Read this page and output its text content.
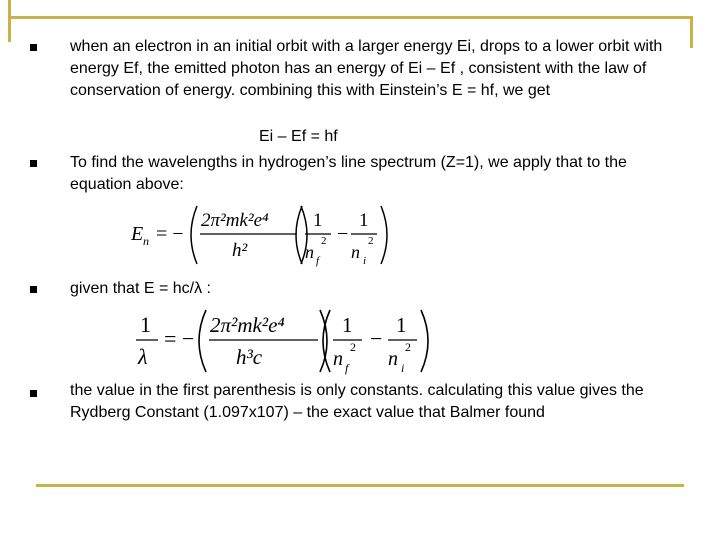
when an electron in an initial orbit with a larger energy Ei, drops to a lower orbit with energy Ef, the emitted photon has an energy of Ei – Ef , consistent with the law of conservation of energy. combining this with Einstein’s E = hf, we get
Ei – Ef = hf
To find the wavelengths in hydrogen’s line spectrum (Z=1), we apply that to the equation above:
E n = −
2π²mk²e⁴
h²
1
n
2
f
−
1
n
2
i
given that E = hc/λ :
1
λ
= −
2π²mk²e⁴
h³c
1
n
2
f
−
1
n
2
i
the value in the first parenthesis is only constants. calculating this value gives the Rydberg Constant (1.097x107) – the exact value that Balmer found
